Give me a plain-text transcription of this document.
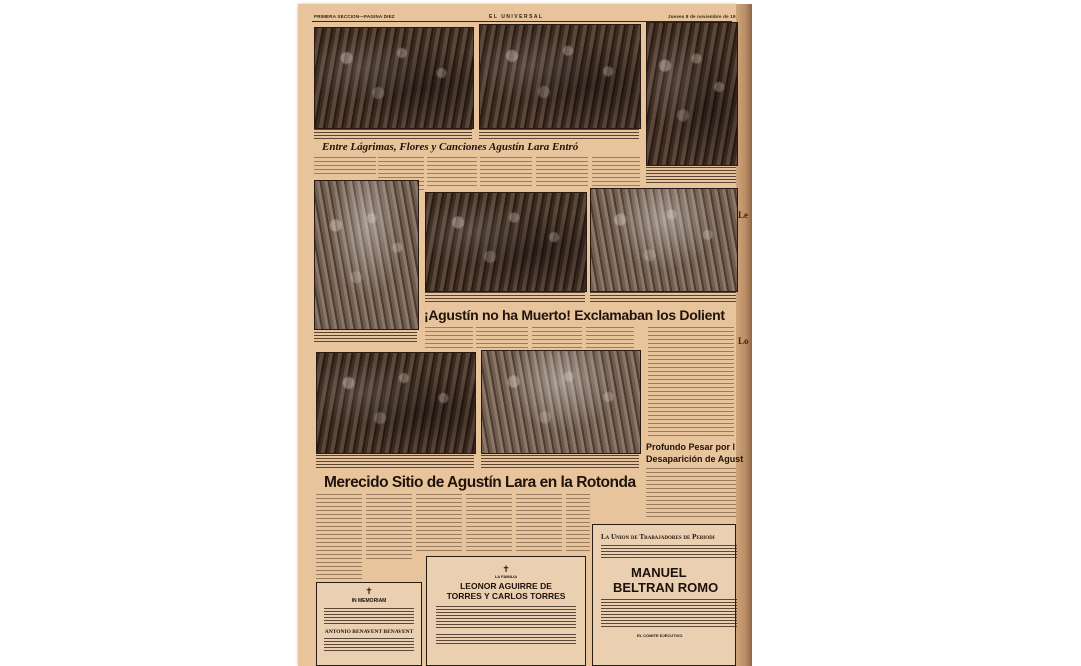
Le
Lo
PRIMERA SECCION—PAGINA DIEZ	EL UNIVERSAL	Jueves 8 de noviembre de 19
Entre Lágrimas, Flores y Canciones Agustín Lara Entró
¡Agustín no ha Muerto! Exclamaban los Dolient
Profundo Pesar por l
Desaparición de Agust
Merecido Sitio de Agustín Lara en la Rotonda
✝
IN MEMORIAM
ANTONIO BENAVENT BENAVENT
✝
LA FAMILIA
LEONOR AGUIRRE DE
TORRES Y CARLOS TORRES
La Union de Trabajadores de Periodi
MANUEL
BELTRAN ROMO
EL COMITE EJECUTIVO
